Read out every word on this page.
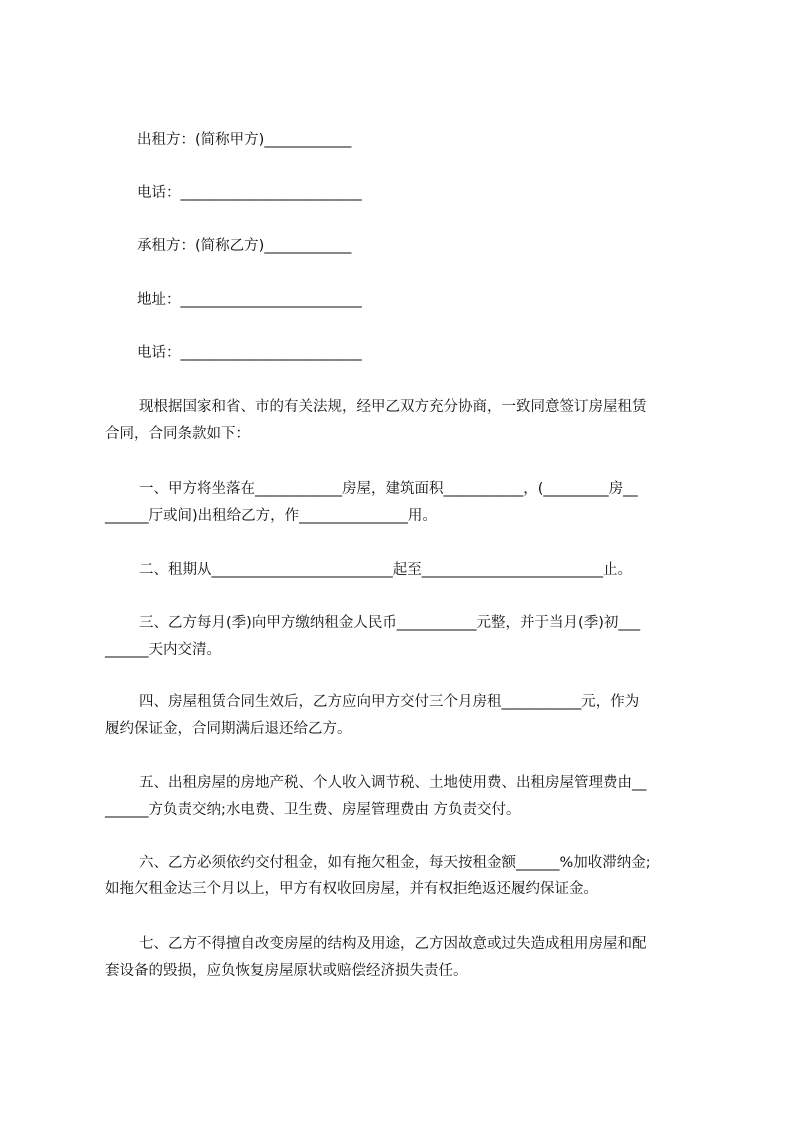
出租方：(简称甲方)____________
电话：_________________________
承租方：(简称乙方)____________
地址：_________________________
电话：_________________________
现根据国家和省、市的有关法规，经甲乙双方充分协商，一致同意签订房屋租赁
合同，合同条款如下：
一、甲方将坐落在____________房屋，建筑面积___________，(_________房__
______厅或间)出租给乙方，作_______________用。
二、租期从_________________________起至_________________________止。
三、乙方每月(季)向甲方缴纳租金人民币___________元整，并于当月(季)初___
______天内交清。
四、房屋租赁合同生效后，乙方应向甲方交付三个月房租___________元，作为
履约保证金，合同期满后退还给乙方。
五、出租房屋的房地产税、个人收入调节税、土地使用费、出租房屋管理费由__
______方负责交纳;水电费、卫生费、房屋管理费由 方负责交付。
六、乙方必须依约交付租金，如有拖欠租金，每天按租金额______%加收滞纳金;
如拖欠租金达三个月以上，甲方有权收回房屋，并有权拒绝返还履约保证金。
七、乙方不得擅自改变房屋的结构及用途，乙方因故意或过失造成租用房屋和配
套设备的毁损，应负恢复房屋原状或赔偿经济损失责任。
